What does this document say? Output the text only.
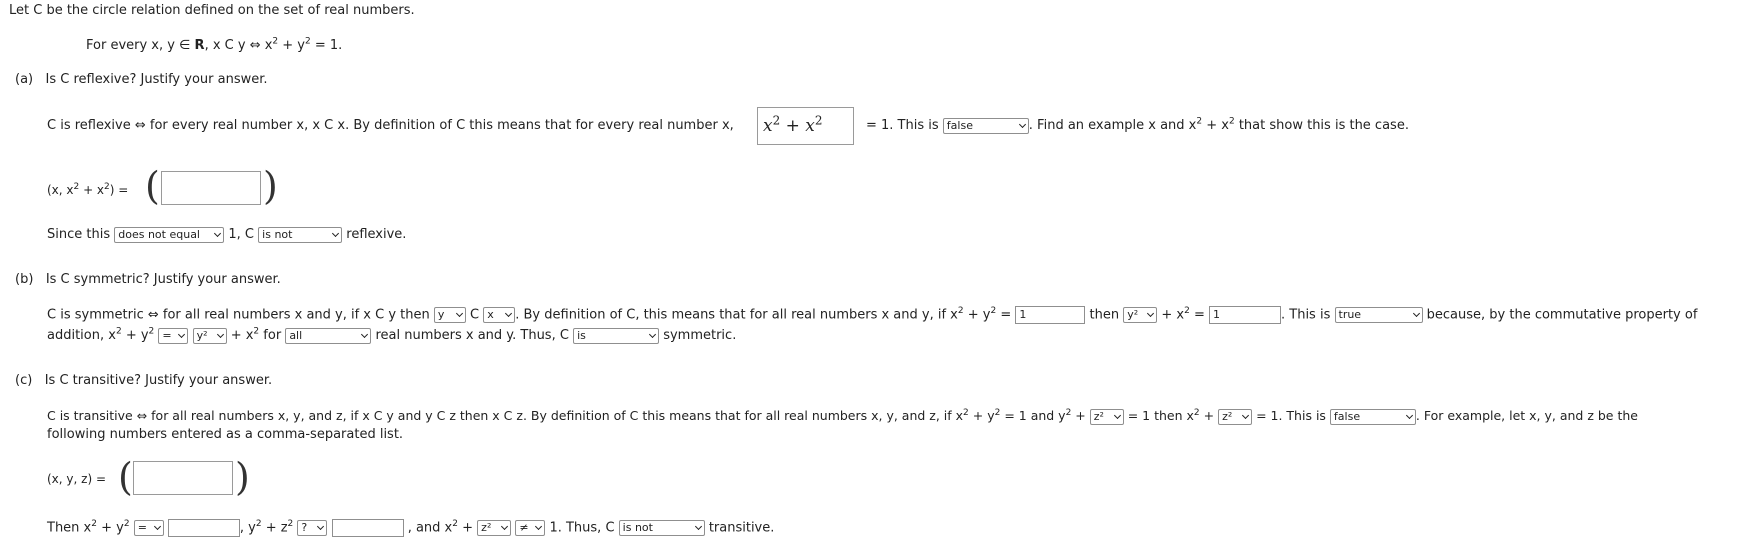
Let C be the circle relation defined on the set of real numbers.
For every x, y ∈ R, x C y ⇔ $x^2 + y^2 = 1$.
(a) Is C reflexive? Justify your answer.
C is reflexive ⇔ for every real number x, x C x. By definition of C this means that for every real number x,	$x^2 + x^2$	= 1. This is false	. Find an example x and $x^2 + x^2$ that show this is the case.
(x, $x^2 + x^2$) = (	)
Since this does not equal 1, C is not	reflexive.
(b) Is C symmetric? Justify your answer.
C is symmetric ⇔ for all real numbers x and y, if x C y then y C x . By definition of C, this means that for all real numbers x and y, if $x^2 + y^2 = 1$	then $y^2 + x^2 = 1$	. This is true	because, by the commutative property of
addition, $x^2 + y^2 = y^2 + x^2$ for all	real numbers x and y. Thus, C is	symmetric.
(c) Is C transitive? Justify your answer.
C is transitive ⇔ for all real numbers x, y, and z, if x C y and y C z then x C z. By definition of C this means that for all real numbers x, y, and z, if $x^2 + y^2 = 1$ and $y^2 + z^2 = 1$ then $x^2 + z^2 = 1$. This is false	. For example, let x, y, and z be the
following numbers entered as a comma-separated list.
(x, y, z) = (	)
Then $x^2 + y^2$ =	, $y^2 + z^2$ ?	, and $x^2 + z^2$	≠ 1. Thus, C is not	transitive.
